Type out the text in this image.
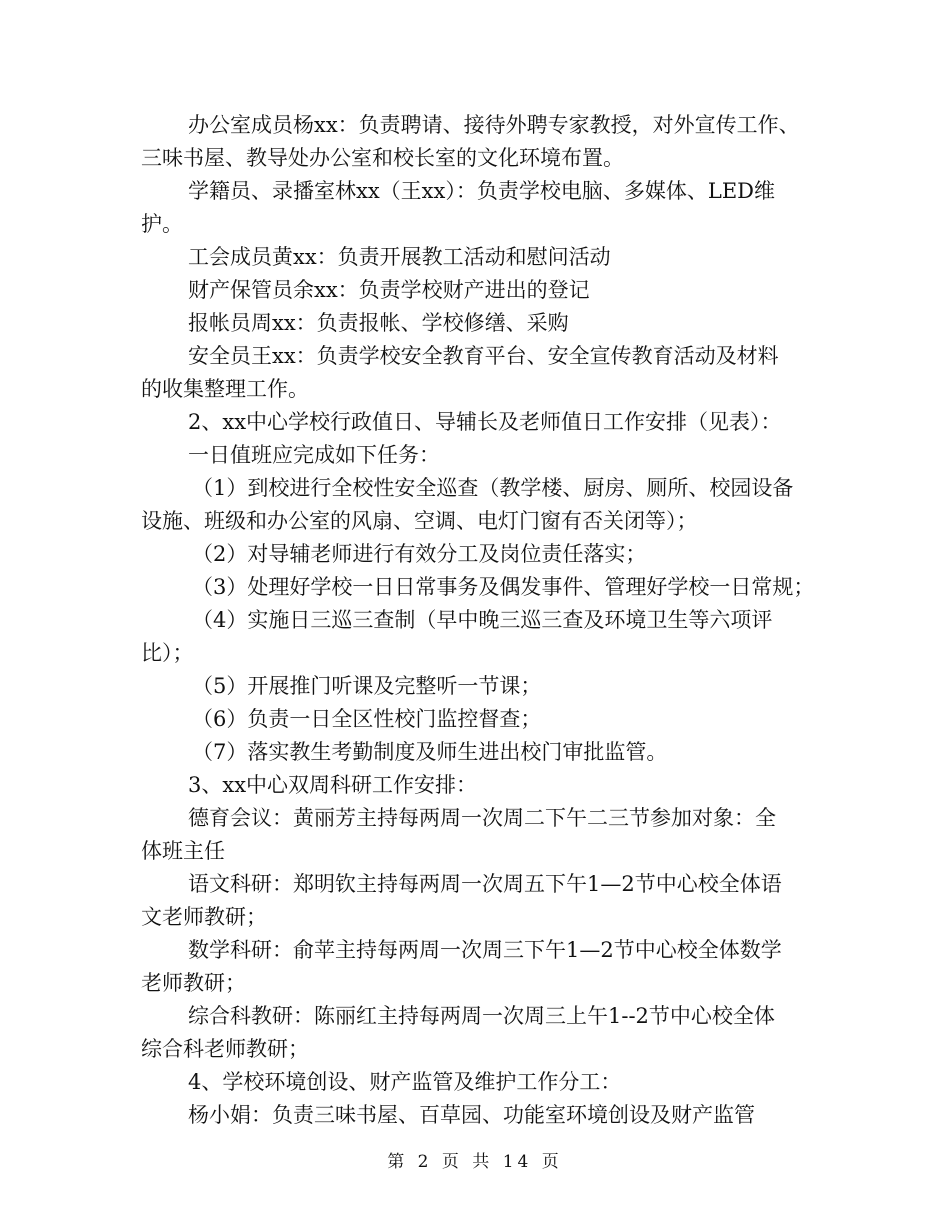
办公室成员杨xx：负责聘请、接待外聘专家教授，对外宣传工作、
三味书屋、教导处办公室和校长室的文化环境布置。
学籍员、录播室林xx（王xx）：负责学校电脑、多媒体、LED维
护。
工会成员黄xx：负责开展教工活动和慰问活动
财产保管员余xx：负责学校财产进出的登记
报帐员周xx：负责报帐、学校修缮、采购
安全员王xx：负责学校安全教育平台、安全宣传教育活动及材料
的收集整理工作。
2、xx中心学校行政值日、导辅长及老师值日工作安排（见表）：
一日值班应完成如下任务：
（1）到校进行全校性安全巡查（教学楼、厨房、厕所、校园设备
设施、班级和办公室的风扇、空调、电灯门窗有否关闭等）；
（2）对导辅老师进行有效分工及岗位责任落实；
（3）处理好学校一日日常事务及偶发事件、管理好学校一日常规；
（4）实施日三巡三查制（早中晚三巡三查及环境卫生等六项评
比）；
（5）开展推门听课及完整听一节课；
（6）负责一日全区性校门监控督查；
（7）落实教生考勤制度及师生进出校门审批监管。
3、xx中心双周科研工作安排：
德育会议：黄丽芳主持每两周一次周二下午二三节参加对象：全
体班主任
语文科研：郑明钦主持每两周一次周五下午1—2节中心校全体语
文老师教研；
数学科研：俞苹主持每两周一次周三下午1—2节中心校全体数学
老师教研；
综合科教研：陈丽红主持每两周一次周三上午1--2节中心校全体
综合科老师教研；
4、学校环境创设、财产监管及维护工作分工：
杨小娟：负责三味书屋、百草园、功能室环境创设及财产监管
第 2 页 共 14 页
